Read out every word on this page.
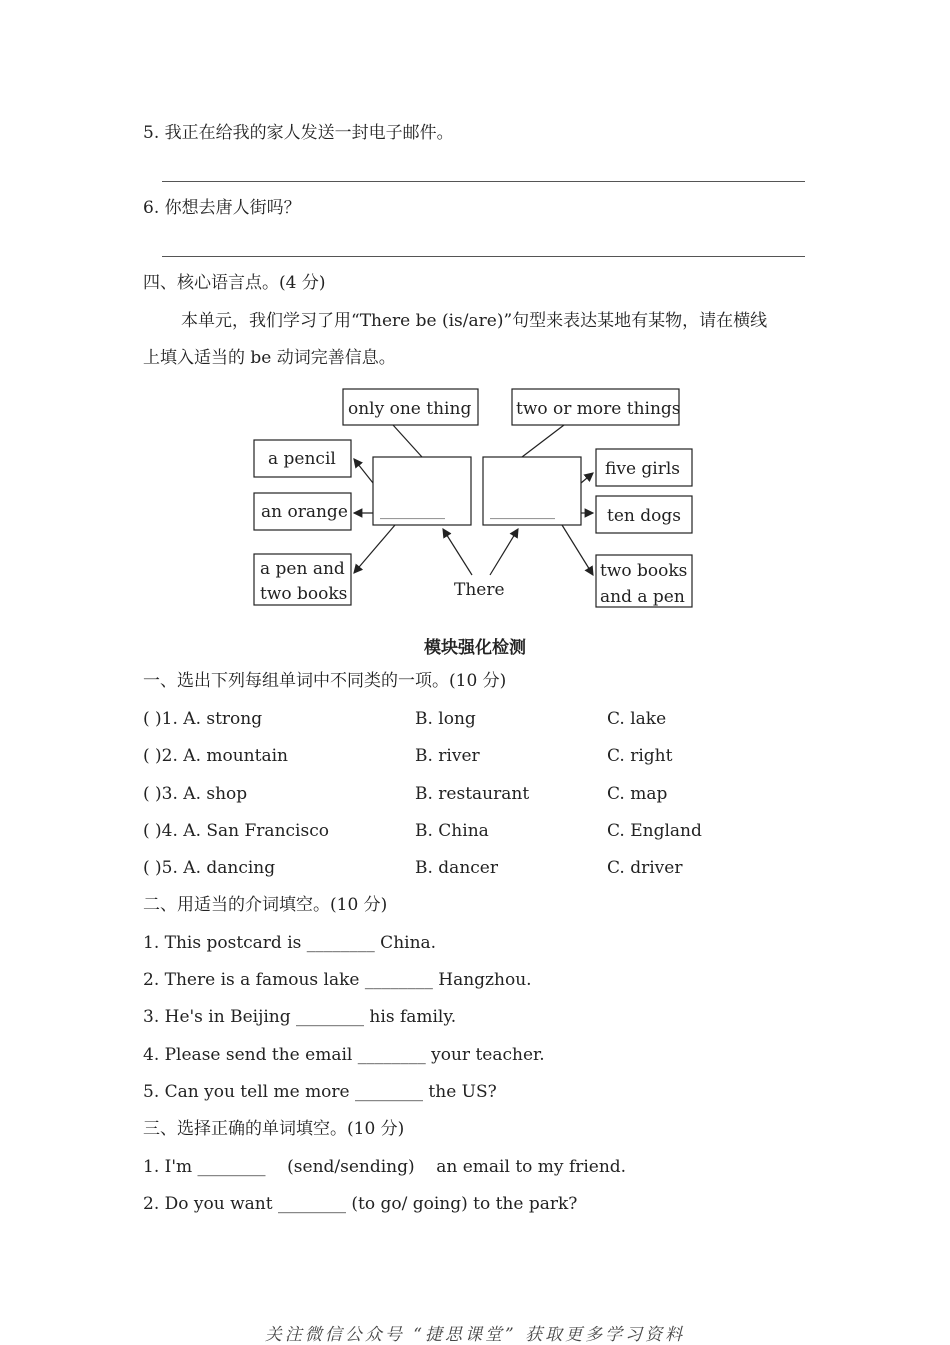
5. 我正在给我的家人发送一封电子邮件。
6. 你想去唐人街吗？
四、核心语言点。(4 分)
本单元，我们学习了用“There be (is/are)”句型来表达某地有某物，请在横线
上填入适当的 be 动词完善信息。
only one thing	two or more things
a pencil
an orange
a pen and
two books
five girls
ten dogs
two books
and a pen
There
__________	__________
模块强化检测
一、选出下列每组单词中不同类的一项。(10 分)
( )1. A. strong	B. long	C. lake
( )2. A. mountain	B. river	C. right
( )3. A. shop	B. restaurant	C. map
( )4. A. San Francisco	B. China	C. England
( )5. A. dancing	B. dancer	C. driver
二、用适当的介词填空。(10 分)
1. This postcard is ________ China.
2. There is a famous lake ________ Hangzhou.
3. He's in Beijing ________ his family.
4. Please send the email ________ your teacher.
5. Can you tell me more ________ the US?
三、选择正确的单词填空。(10 分)
1. I'm ________    (send/sending)    an email to my friend.
2. Do you want ________ (to go/ going) to the park?
关注微信公众号 “捷思课堂” 获取更多学习资料
